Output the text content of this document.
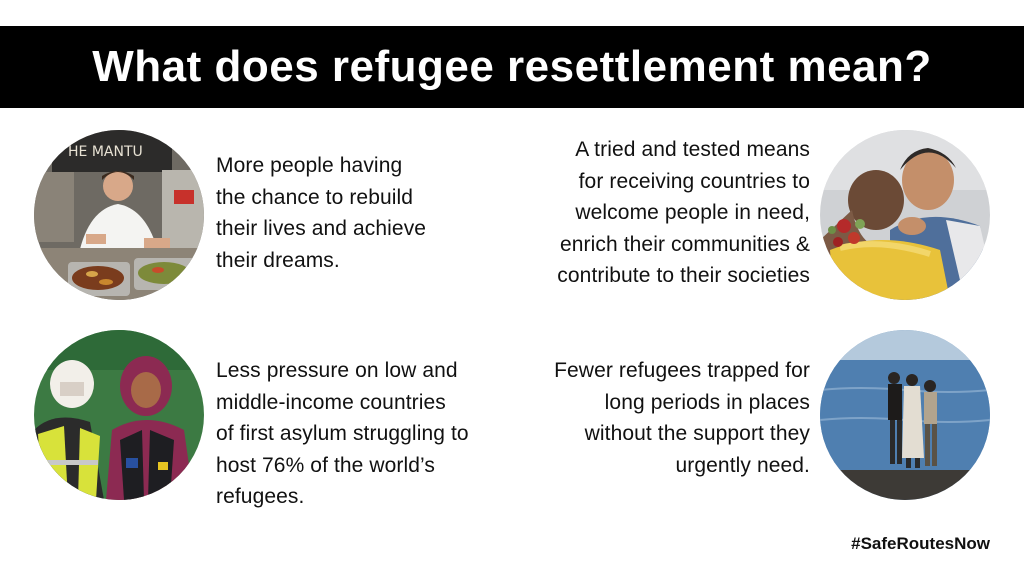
What does refugee resettlement mean?
HE MANTU
More people having
the chance to rebuild
their lives and achieve
their dreams.
A tried and tested means
for receiving countries to
welcome people in need,
enrich their communities &
contribute to their societies
Less pressure on low and
middle-income countries
of first asylum struggling to
host 76% of the world’s
refugees.
Fewer refugees trapped for
long periods in places
without the support they
urgently need.
#SafeRoutesNow
